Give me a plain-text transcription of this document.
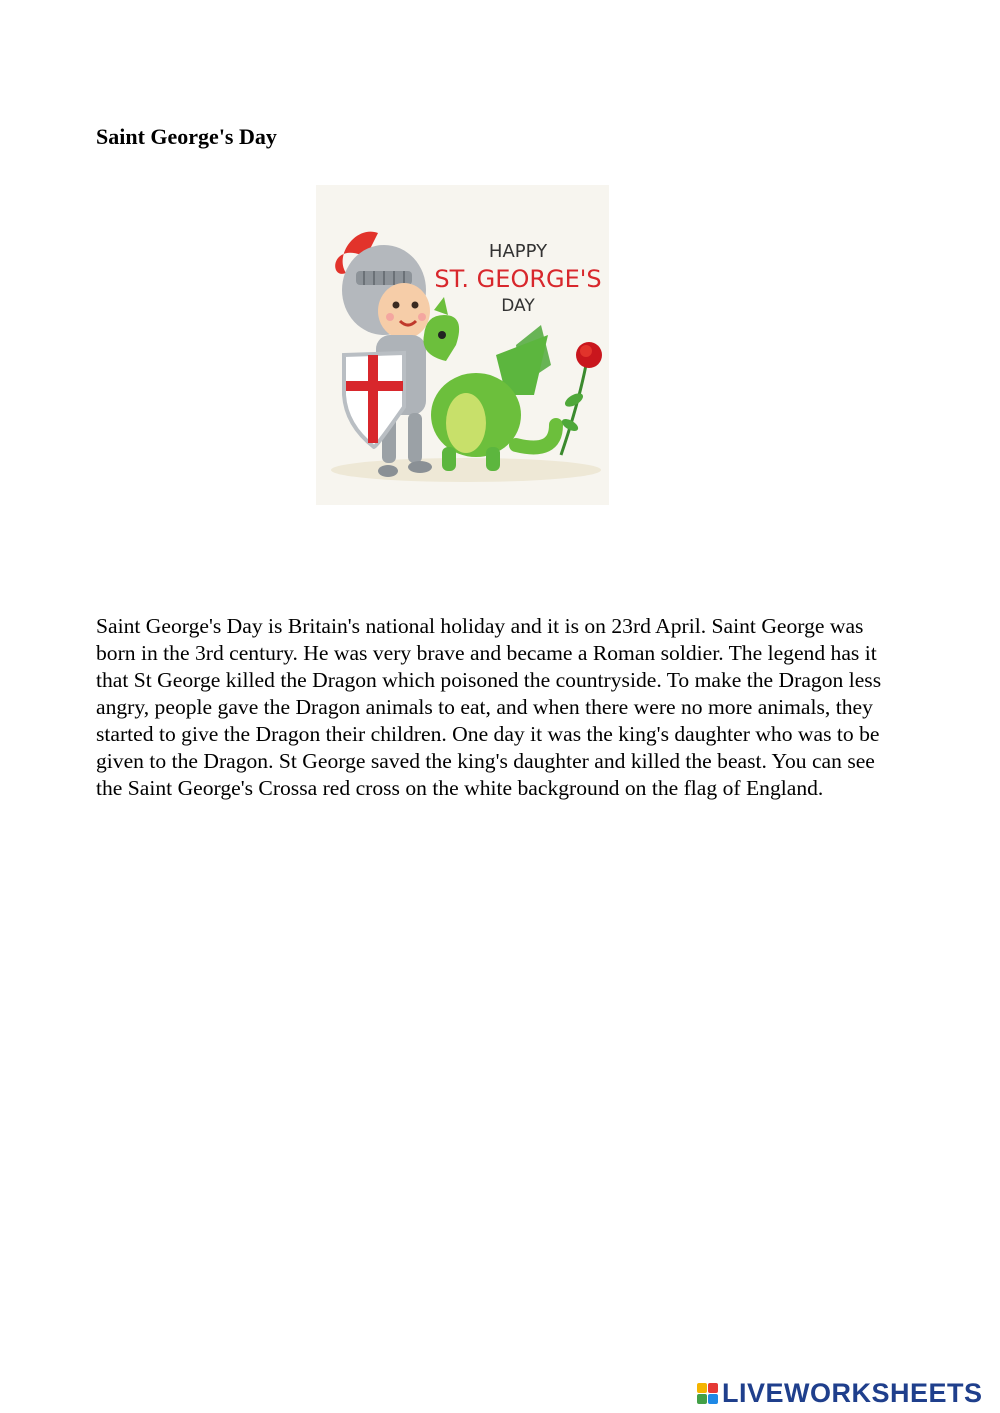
Saint George's Day
HAPPY
ST. GEORGE'S
DAY

Saint George's Day is Britain's national holiday and it is on 23rd April. Saint George was born in the 3rd century. He was very brave and became a Roman soldier. The legend has it that St George killed the Dragon which poisoned the countryside. To make the Dragon less angry, people gave the Dragon animals to eat, and when there were no more animals, they started to give the Dragon their children. One day it was the king's daughter who was to be given to the Dragon. St George saved the king's daughter and killed the beast. You can see the Saint George's Crossa red cross on the white background on the flag of England.

LIVEWORKSHEETS
